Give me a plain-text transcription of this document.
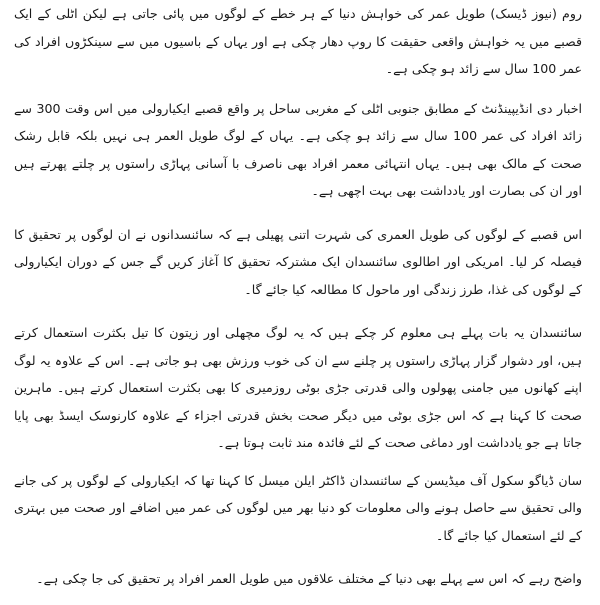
روم (نیوز ڈیسک) طویل عمر کی خواہش دنیا کے ہر خطے کے لوگوں میں پائی جاتی ہے لیکن اٹلی کے ایک قصبے میں یہ خواہش واقعی حقیقت کا روپ دھار چکی ہے اور یہاں کے باسیوں میں سے سینکڑوں افراد کی عمر 100 سال سے زائد ہو چکی ہے۔

اخبار دی انڈیپینڈنٹ کے مطابق جنوبی اٹلی کے مغربی ساحل پر واقع قصبے ایکیارولی میں اس وقت 300 سے زائد افراد کی عمر 100 سال سے زائد ہو چکی ہے۔ یہاں کے لوگ طویل العمر ہی نہیں بلکہ قابل رشک صحت کے مالک بھی ہیں۔ یہاں انتہائی معمر افراد بھی ناصرف با آسانی پہاڑی راستوں پر چلتے پھرتے ہیں اور ان کی بصارت اور یادداشت بھی بہت اچھی ہے۔

اس قصبے کے لوگوں کی طویل العمری کی شہرت اتنی پھیلی ہے کہ سائنسدانوں نے ان لوگوں پر تحقیق کا فیصلہ کر لیا۔ امریکی اور اطالوی سائنسدان ایک مشترکہ تحقیق کا آغاز کریں گے جس کے دوران ایکیارولی کے لوگوں کی غذا، طرز زندگی اور ماحول کا مطالعہ کیا جائے گا۔

سائنسدان یہ بات پہلے ہی معلوم کر چکے ہیں کہ یہ لوگ مچھلی اور زیتون کا تیل بکثرت استعمال کرتے ہیں، اور دشوار گزار پہاڑی راستوں پر چلنے سے ان کی خوب ورزش بھی ہو جاتی ہے۔ اس کے علاوہ یہ لوگ اپنے کھانوں میں جامنی پھولوں والی قدرتی جڑی بوٹی روزمیری کا بھی بکثرت استعمال کرتے ہیں۔ ماہرین صحت کا کہنا ہے کہ اس جڑی بوٹی میں دیگر صحت بخش قدرتی اجزاء کے علاوہ کارنوسک ایسڈ بھی پایا جاتا ہے جو یادداشت اور دماغی صحت کے لئے فائدہ مند ثابت ہوتا ہے۔

سان ڈیاگو سکول آف میڈیسن کے سائنسدان ڈاکٹر ایلن میسل کا کہنا تھا کہ ایکیارولی کے لوگوں پر کی جانے والی تحقیق سے حاصل ہونے والی معلومات کو دنیا بھر میں لوگوں کی عمر میں اضافے اور صحت میں بہتری کے لئے استعمال کیا جائے گا۔

واضح رہے کہ اس سے پہلے بھی دنیا کے مختلف علاقوں میں طویل العمر افراد پر تحقیق کی جا چکی ہے۔
